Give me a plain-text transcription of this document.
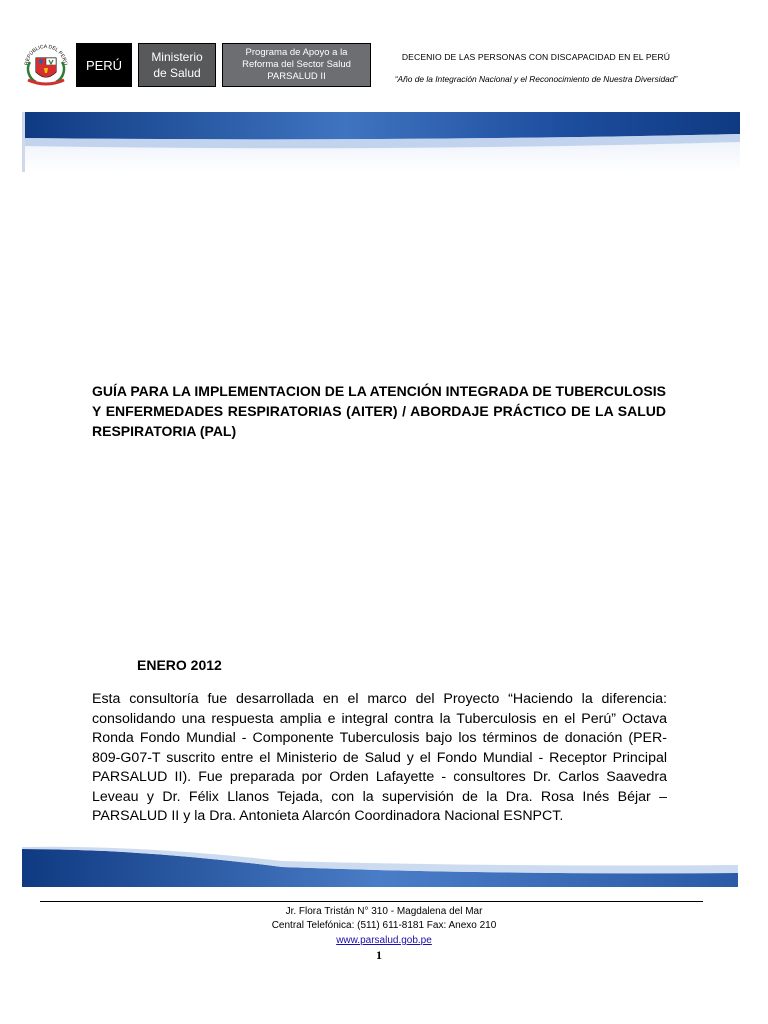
REPÚBLICA DEL PERÚ PERÚ
Ministerio
de Salud
Programa de Apoyo a la
Reforma del Sector Salud
PARSALUD II
DECENIO DE LAS PERSONAS CON DISCAPACIDAD EN EL PERÚ
“Año de la Integración Nacional y el Reconocimiento de Nuestra Diversidad”
GUÍA PARA LA IMPLEMENTACION DE LA ATENCIÓN INTEGRADA DE TUBERCULOSIS Y ENFERMEDADES RESPIRATORIAS (AITER) / ABORDAJE PRÁCTICO DE LA SALUD RESPIRATORIA (PAL)
ENERO 2012
Esta consultoría fue desarrollada en el marco del Proyecto “Haciendo la diferencia: consolidando una respuesta amplia e integral contra la Tuberculosis en el Perú” Octava Ronda Fondo Mundial - Componente Tuberculosis bajo los términos de donación (PER-809-G07-T suscrito entre el Ministerio de Salud y el Fondo Mundial - Receptor Principal PARSALUD II). Fue preparada por Orden Lafayette - consultores Dr. Carlos Saavedra Leveau y Dr. Félix Llanos Tejada, con la supervisión de la Dra. Rosa Inés Béjar – PARSALUD II y la Dra. Antonieta Alarcón Coordinadora Nacional ESNPCT.
Jr. Flora Tristán N° 310 - Magdalena del Mar
Central Telefónica: (511) 611-8181 Fax: Anexo 210
www.parsalud.gob.pe
1
